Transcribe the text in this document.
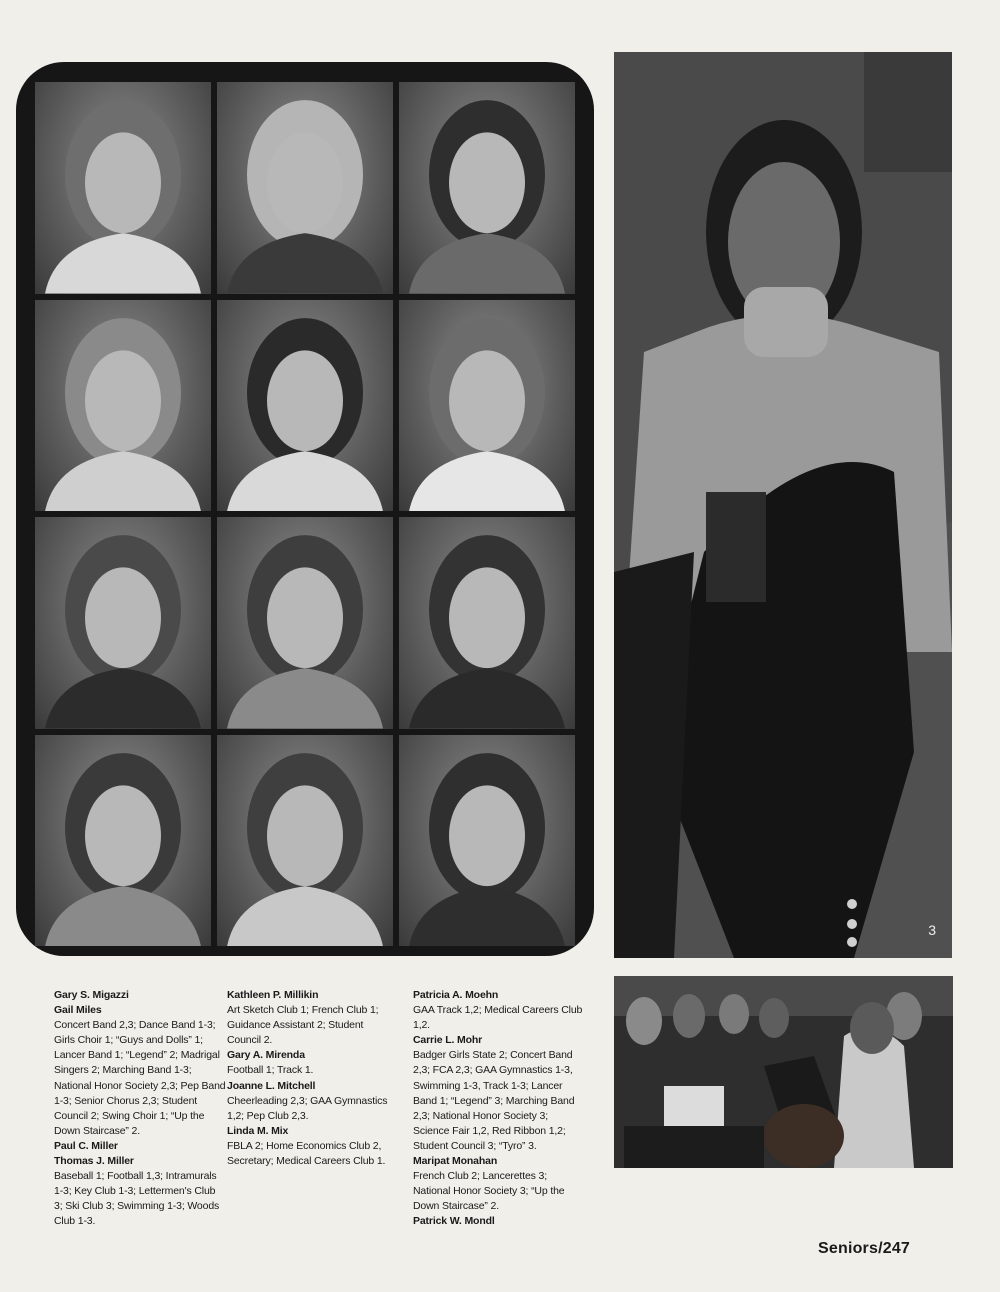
3
Gary S. Migazzi
Gail Miles
Concert Band 2,3; Dance Band 1-3; Girls Choir 1; “Guys and Dolls” 1; Lancer Band 1; “Legend” 2; Madrigal Singers 2; Marching Band 1-3; National Honor Society 2,3; Pep Band 1-3; Senior Chorus 2,3; Student Council 2; Swing Choir 1; “Up the Down Staircase” 2.
Paul C. Miller
Thomas J. Miller
Baseball 1; Football 1,3; Intramurals 1-3; Key Club 1-3; Lettermen's Club 3; Ski Club 3; Swimming 1-3; Woods Club 1-3.
Kathleen P. Millikin
Art Sketch Club 1; French Club 1; Guidance Assistant 2; Student Council 2.
Gary A. Mirenda
Football 1; Track 1.
Joanne L. Mitchell
Cheerleading 2,3; GAA Gymnastics 1,2; Pep Club 2,3.
Linda M. Mix
FBLA 2; Home Economics Club 2, Secretary; Medical Careers Club 1.
Patricia A. Moehn
GAA Track 1,2; Medical Careers Club 1,2.
Carrie L. Mohr
Badger Girls State 2; Concert Band 2,3; FCA 2,3; GAA Gymnastics 1-3, Swimming 1-3, Track 1-3; Lancer Band 1; “Legend” 3; Marching Band 2,3; National Honor Society 3; Science Fair 1,2, Red Ribbon 1,2; Student Council 3; “Tyro” 3.
Maripat Monahan
French Club 2; Lancerettes 3; National Honor Society 3; “Up the Down Staircase” 2.
Patrick W. Mondl
Seniors/247
